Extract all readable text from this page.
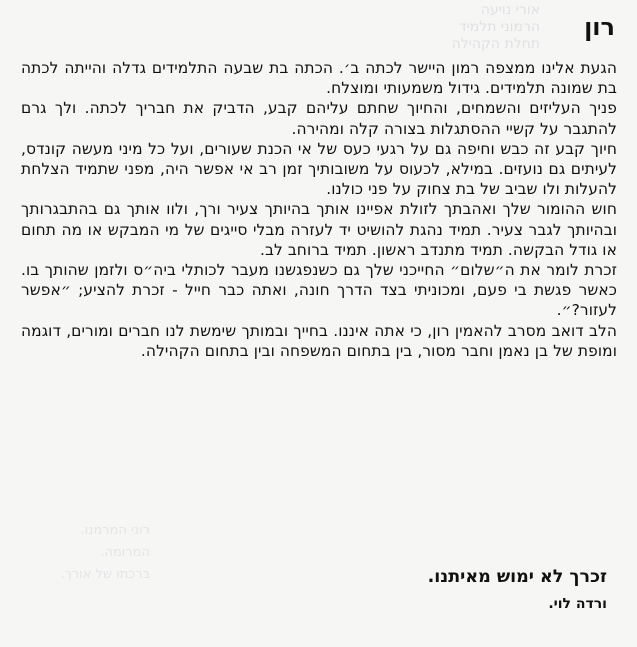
אורי נויעה
הרמוני תלמיד
תחלת הקהילה
רוני המרמנו.
המרומה.
ברכתו של אורך.
רון

הגעת אלינו ממצפה רמון היישר לכתה ב׳. הכתה בת שבעה התלמידים גדלה והייתה לכתה בת שמונה תלמידים. גידול משמעותי ומוצלח.

פניך העליזים והשמחים, והחיוך שחתם עליהם קבע, הדביק את חבריך לכתה. ולך גרם להתגבר על קשיי ההסתגלות בצורה קלה ומהירה.

חיוך קבע זה כבש וחיפה גם על רגעי כעס של אי הכנת שעורים, ועל כל מיני מעשה קונדס, לעיתים גם נועזים. במילא, לכעוס על משובותיך זמן רב אי אפשר היה, מפני שתמיד הצלחת להעלות ולו שביב של בת צחוק על פני כולנו.

חוש ההומור שלך ואהבתך לזולת אפיינו אותך בהיותך צעיר ורך, ולוו אותך גם בהתבגרותך ובהיותך לגבר צעיר. תמיד נהגת להושיט יד לעזרה מבלי סייגים של מי המבקש או מה תחום או גודל הבקשה. תמיד מתנדב ראשון. תמיד ברוחב לב.

זכרת לומר את ה״שלום״ החייכני שלך גם כשנפגשנו מעבר לכותלי ביה״ס ולזמן שהותך בו. כאשר פגשת בי פעם, ומכוניתי בצד הדרך חונה, ואתה כבר חייל - זכרת להציע; ״אפשר לעזור?״.

הלב דואב מסרב להאמין רון, כי אתה איננו. בחייך ובמותך שימשת לנו חברים ומורים, דוגמה ומופת של בן נאמן וחבר מסור, בין בתחום המשפחה ובין בתחום הקהילה.

זכרך לא ימוש מאיתנו.

ורדה לוי.
